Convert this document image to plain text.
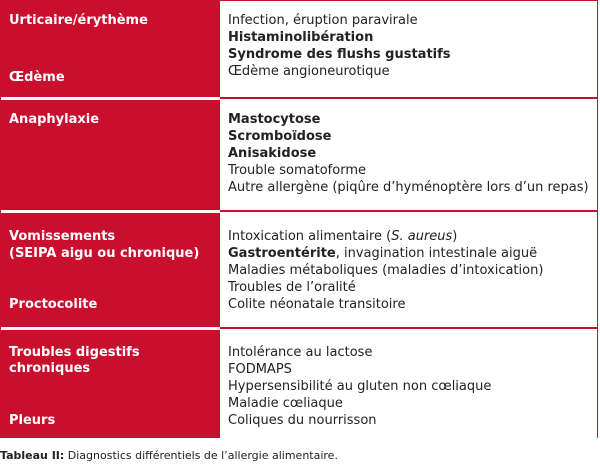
Urticaire/érythème
Œdème
Infection, éruption paravirale
Histaminolibération
Syndrome des flushs gustatifs
Œdème angioneurotique
Anaphylaxie	Mastocytose
Scromboïdose
Anisakidose
Trouble somatoforme
Autre allergène (piqûre d’hyménoptère lors d’un repas)
Vomissements
(SEIPA aigu ou chronique)
Proctocolite
Intoxication alimentaire (S. aureus)
Gastroentérite, invagination intestinale aiguë
Maladies métaboliques (maladies d’intoxication)
Troubles de l’oralité
Colite néonatale transitoire
Troubles digestifs chroniques
Pleurs
Intolérance au lactose
FODMAPS
Hypersensibilité au gluten non cœliaque
Maladie cœliaque
Coliques du nourrisson
Tableau II: Diagnostics différentiels de l’allergie alimentaire.
